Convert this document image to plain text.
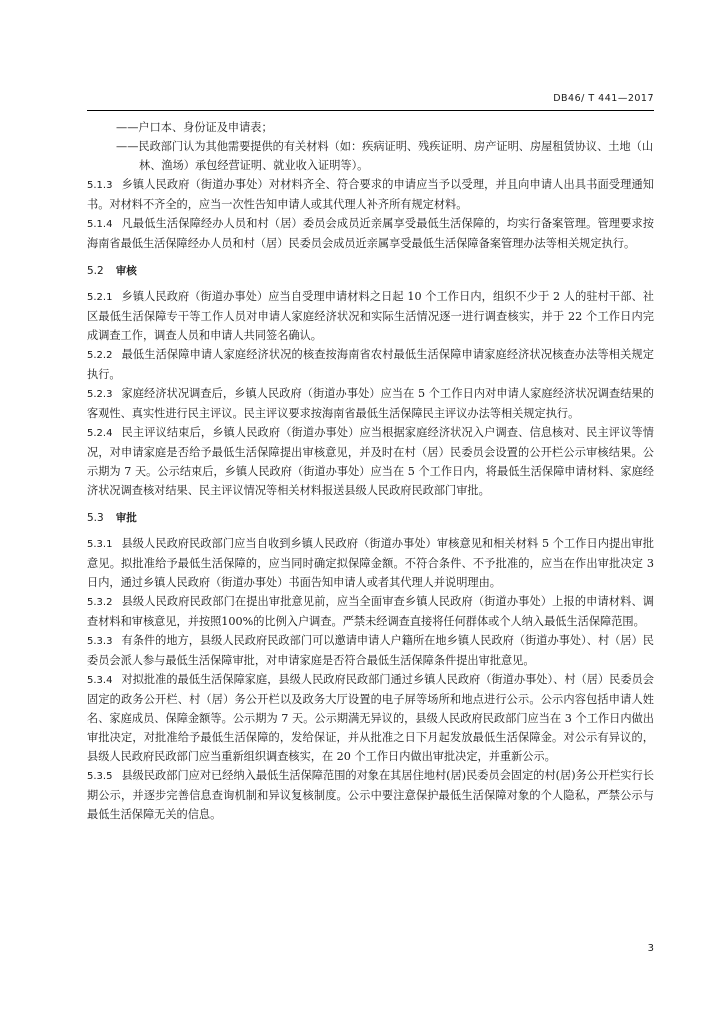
DB46/ T 441—2017

——户口本、身份证及申请表；

——民政部门认为其他需要提供的有关材料（如：疾病证明、残疾证明、房产证明、房屋租赁协议、土地（山林、渔场）承包经营证明、就业收入证明等）。

5.1.3 乡镇人民政府（街道办事处）对材料齐全、符合要求的申请应当予以受理，并且向申请人出具书面受理通知书。对材料不齐全的，应当一次性告知申请人或其代理人补齐所有规定材料。

5.1.4 凡最低生活保障经办人员和村（居）委员会成员近亲属享受最低生活保障的，均实行备案管理。管理要求按海南省最低生活保障经办人员和村（居）民委员会成员近亲属享受最低生活保障备案管理办法等相关规定执行。

5.2 审核

5.2.1 乡镇人民政府（街道办事处）应当自受理申请材料之日起 10 个工作日内，组织不少于 2 人的驻村干部、社区最低生活保障专干等工作人员对申请人家庭经济状况和实际生活情况逐一进行调查核实，并于 22 个工作日内完成调查工作，调查人员和申请人共同签名确认。

5.2.2 最低生活保障申请人家庭经济状况的核查按海南省农村最低生活保障申请家庭经济状况核查办法等相关规定执行。

5.2.3 家庭经济状况调查后，乡镇人民政府（街道办事处）应当在 5 个工作日内对申请人家庭经济状况调查结果的客观性、真实性进行民主评议。民主评议要求按海南省最低生活保障民主评议办法等相关规定执行。

5.2.4 民主评议结束后，乡镇人民政府（街道办事处）应当根据家庭经济状况入户调查、信息核对、民主评议等情况，对申请家庭是否给予最低生活保障提出审核意见，并及时在村（居）民委员会设置的公开栏公示审核结果。公示期为 7 天。公示结束后，乡镇人民政府（街道办事处）应当在 5 个工作日内，将最低生活保障申请材料、家庭经济状况调查核对结果、民主评议情况等相关材料报送县级人民政府民政部门审批。

5.3 审批

5.3.1 县级人民政府民政部门应当自收到乡镇人民政府（街道办事处）审核意见和相关材料 5 个工作日内提出审批意见。拟批准给予最低生活保障的，应当同时确定拟保障金额。不符合条件、不予批准的，应当在作出审批决定 3 日内，通过乡镇人民政府（街道办事处）书面告知申请人或者其代理人并说明理由。

5.3.2 县级人民政府民政部门在提出审批意见前，应当全面审查乡镇人民政府（街道办事处）上报的申请材料、调查材料和审核意见，并按照100%的比例入户调查。严禁未经调查直接将任何群体或个人纳入最低生活保障范围。

5.3.3 有条件的地方，县级人民政府民政部门可以邀请申请人户籍所在地乡镇人民政府（街道办事处）、村（居）民委员会派人参与最低生活保障审批，对申请家庭是否符合最低生活保障条件提出审批意见。

5.3.4 对拟批准的最低生活保障家庭，县级人民政府民政部门通过乡镇人民政府（街道办事处）、村（居）民委员会固定的政务公开栏、村（居）务公开栏以及政务大厅设置的电子屏等场所和地点进行公示。公示内容包括申请人姓名、家庭成员、保障金额等。公示期为 7 天。公示期满无异议的，县级人民政府民政部门应当在 3 个工作日内做出审批决定，对批准给予最低生活保障的，发给保证，并从批准之日下月起发放最低生活保障金。对公示有异议的，县级人民政府民政部门应当重新组织调查核实，在 20 个工作日内做出审批决定，并重新公示。

5.3.5 县级民政部门应对已经纳入最低生活保障范围的对象在其居住地村(居)民委员会固定的村(居)务公开栏实行长期公示，并逐步完善信息查询机制和异议复核制度。公示中要注意保护最低生活保障对象的个人隐私，严禁公示与最低生活保障无关的信息。

3
